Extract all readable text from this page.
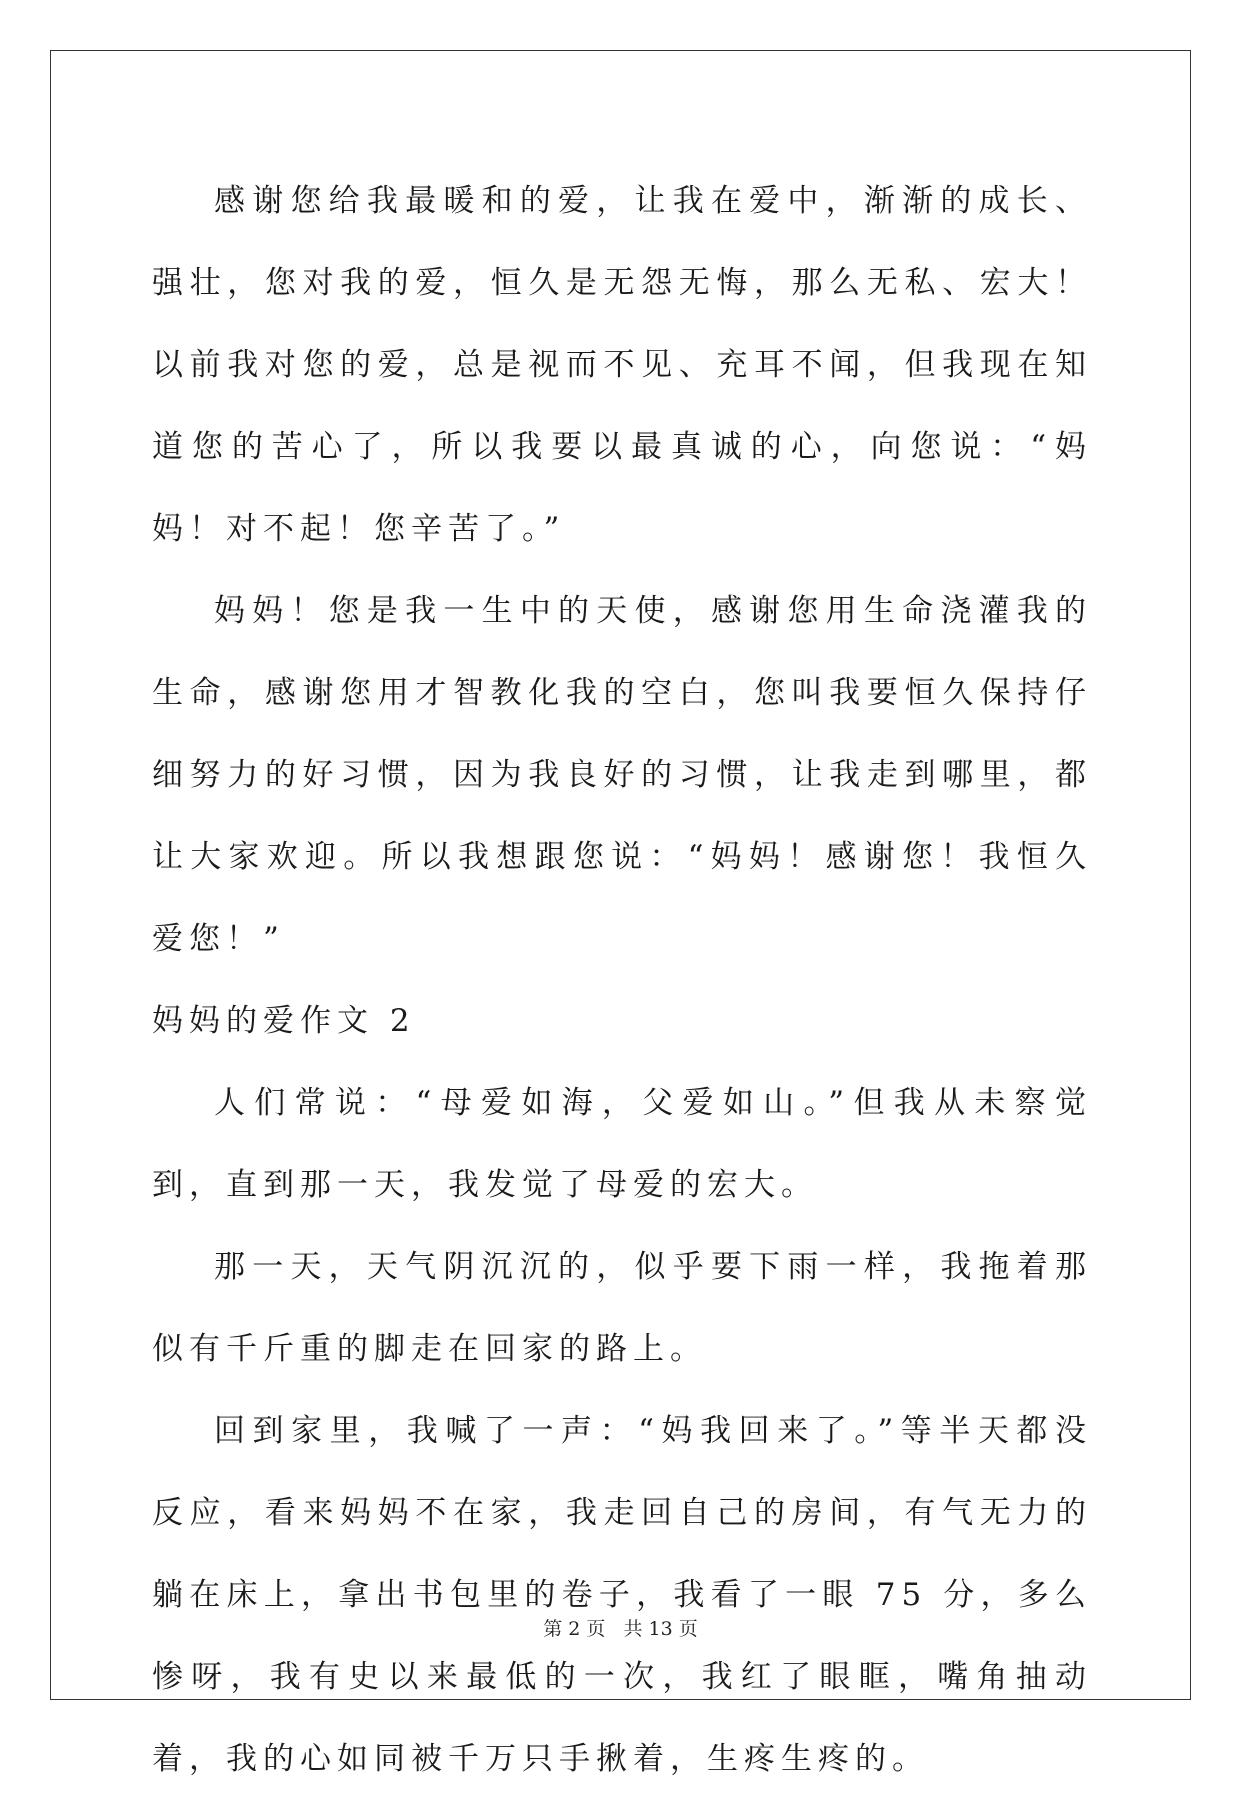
感谢您给我最暖和的爱，让我在爱中，渐渐的成长、强壮，您对我的爱，恒久是无怨无悔，那么无私、宏大！以前我对您的爱，总是视而不见、充耳不闻，但我现在知道您的苦心了，所以我要以最真诚的心，向您说：“妈妈！对不起！您辛苦了。”

妈妈！您是我一生中的天使，感谢您用生命浇灌我的生命，感谢您用才智教化我的空白，您叫我要恒久保持仔细努力的好习惯，因为我良好的习惯，让我走到哪里，都让大家欢迎。所以我想跟您说：“妈妈！感谢您！我恒久爱您！”

妈妈的爱作文 2

人们常说：“母爱如海，父爱如山。”但我从未察觉到，直到那一天，我发觉了母爱的宏大。

那一天，天气阴沉沉的，似乎要下雨一样，我拖着那似有千斤重的脚走在回家的路上。

回到家里，我喊了一声：“妈我回来了。”等半天都没反应，看来妈妈不在家，我走回自己的房间，有气无力的躺在床上，拿出书包里的卷子，我看了一眼 75 分，多么惨呀，我有史以来最低的一次，我红了眼眶，嘴角抽动着，我的心如同被千万只手揪着，生疼生疼的。

第 2 页 共 13 页
